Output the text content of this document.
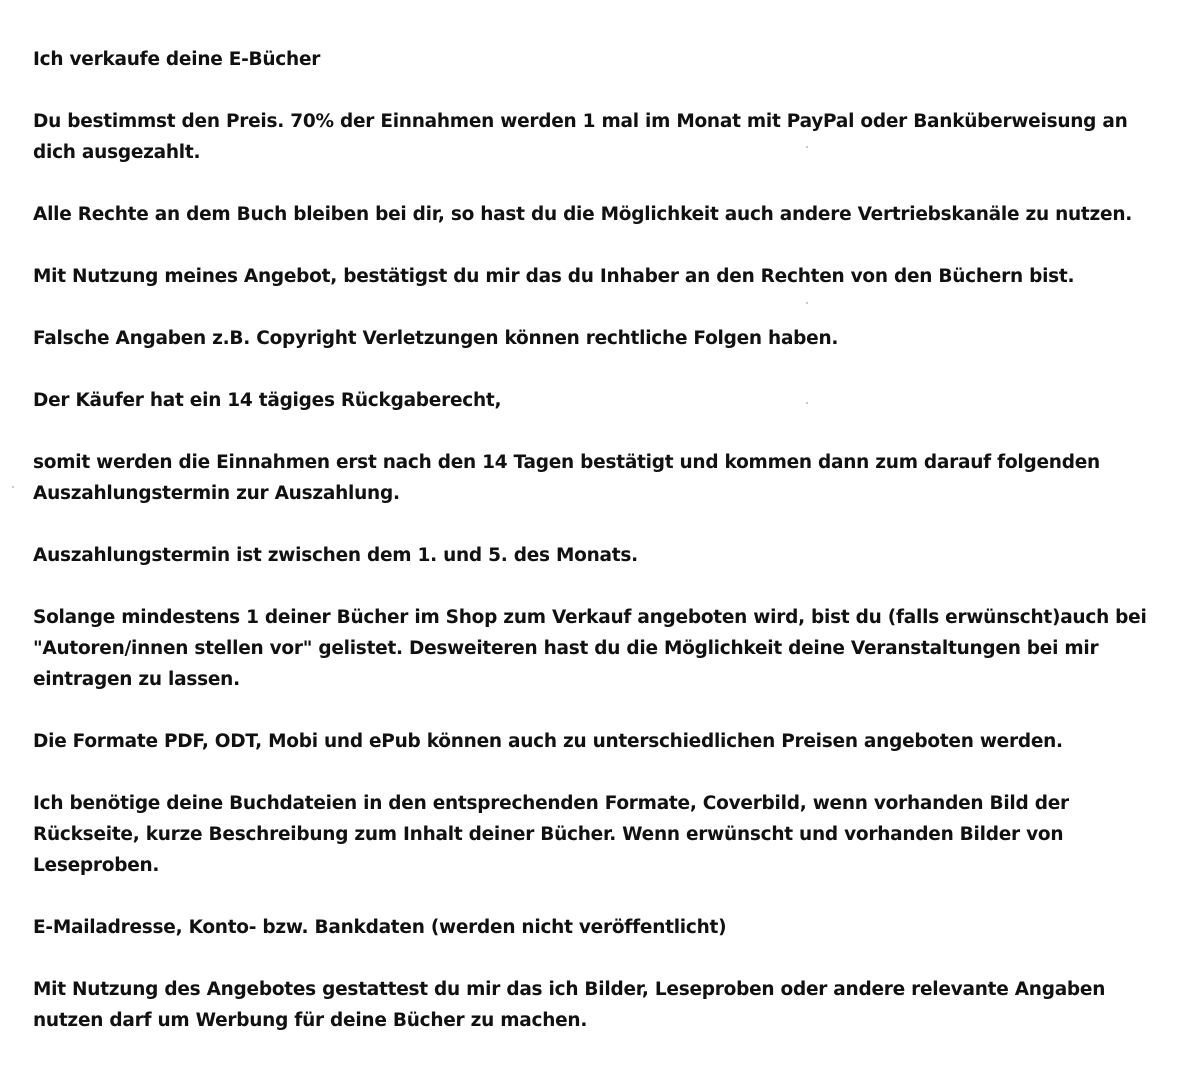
Ich verkaufe deine E-Bücher

Du bestimmst den Preis. 70% der Einnahmen werden 1 mal im Monat mit PayPal oder Banküberweisung an
dich ausgezahlt.

Alle Rechte an dem Buch bleiben bei dir, so hast du die Möglichkeit auch andere Vertriebskanäle zu nutzen.

Mit Nutzung meines Angebot, bestätigst du mir das du Inhaber an den Rechten von den Büchern bist.

Falsche Angaben z.B. Copyright Verletzungen können rechtliche Folgen haben.

Der Käufer hat ein 14 tägiges Rückgaberecht,

somit werden die Einnahmen erst nach den 14 Tagen bestätigt und kommen dann zum darauf folgenden
Auszahlungstermin zur Auszahlung.

Auszahlungstermin ist zwischen dem 1. und 5. des Monats.

Solange mindestens 1 deiner Bücher im Shop zum Verkauf angeboten wird, bist du (falls erwünscht)auch bei
"Autoren/innen stellen vor" gelistet. Desweiteren hast du die Möglichkeit deine Veranstaltungen bei mir
eintragen zu lassen.

Die Formate PDF, ODT, Mobi und ePub können auch zu unterschiedlichen Preisen angeboten werden.

Ich benötige deine Buchdateien in den entsprechenden Formate, Coverbild, wenn vorhanden Bild der
Rückseite, kurze Beschreibung zum Inhalt deiner Bücher. Wenn erwünscht und vorhanden Bilder von
Leseproben.

E-Mailadresse, Konto- bzw. Bankdaten (werden nicht veröffentlicht)

Mit Nutzung des Angebotes gestattest du mir das ich Bilder, Leseproben oder andere relevante Angaben
nutzen darf um Werbung für deine Bücher zu machen.
